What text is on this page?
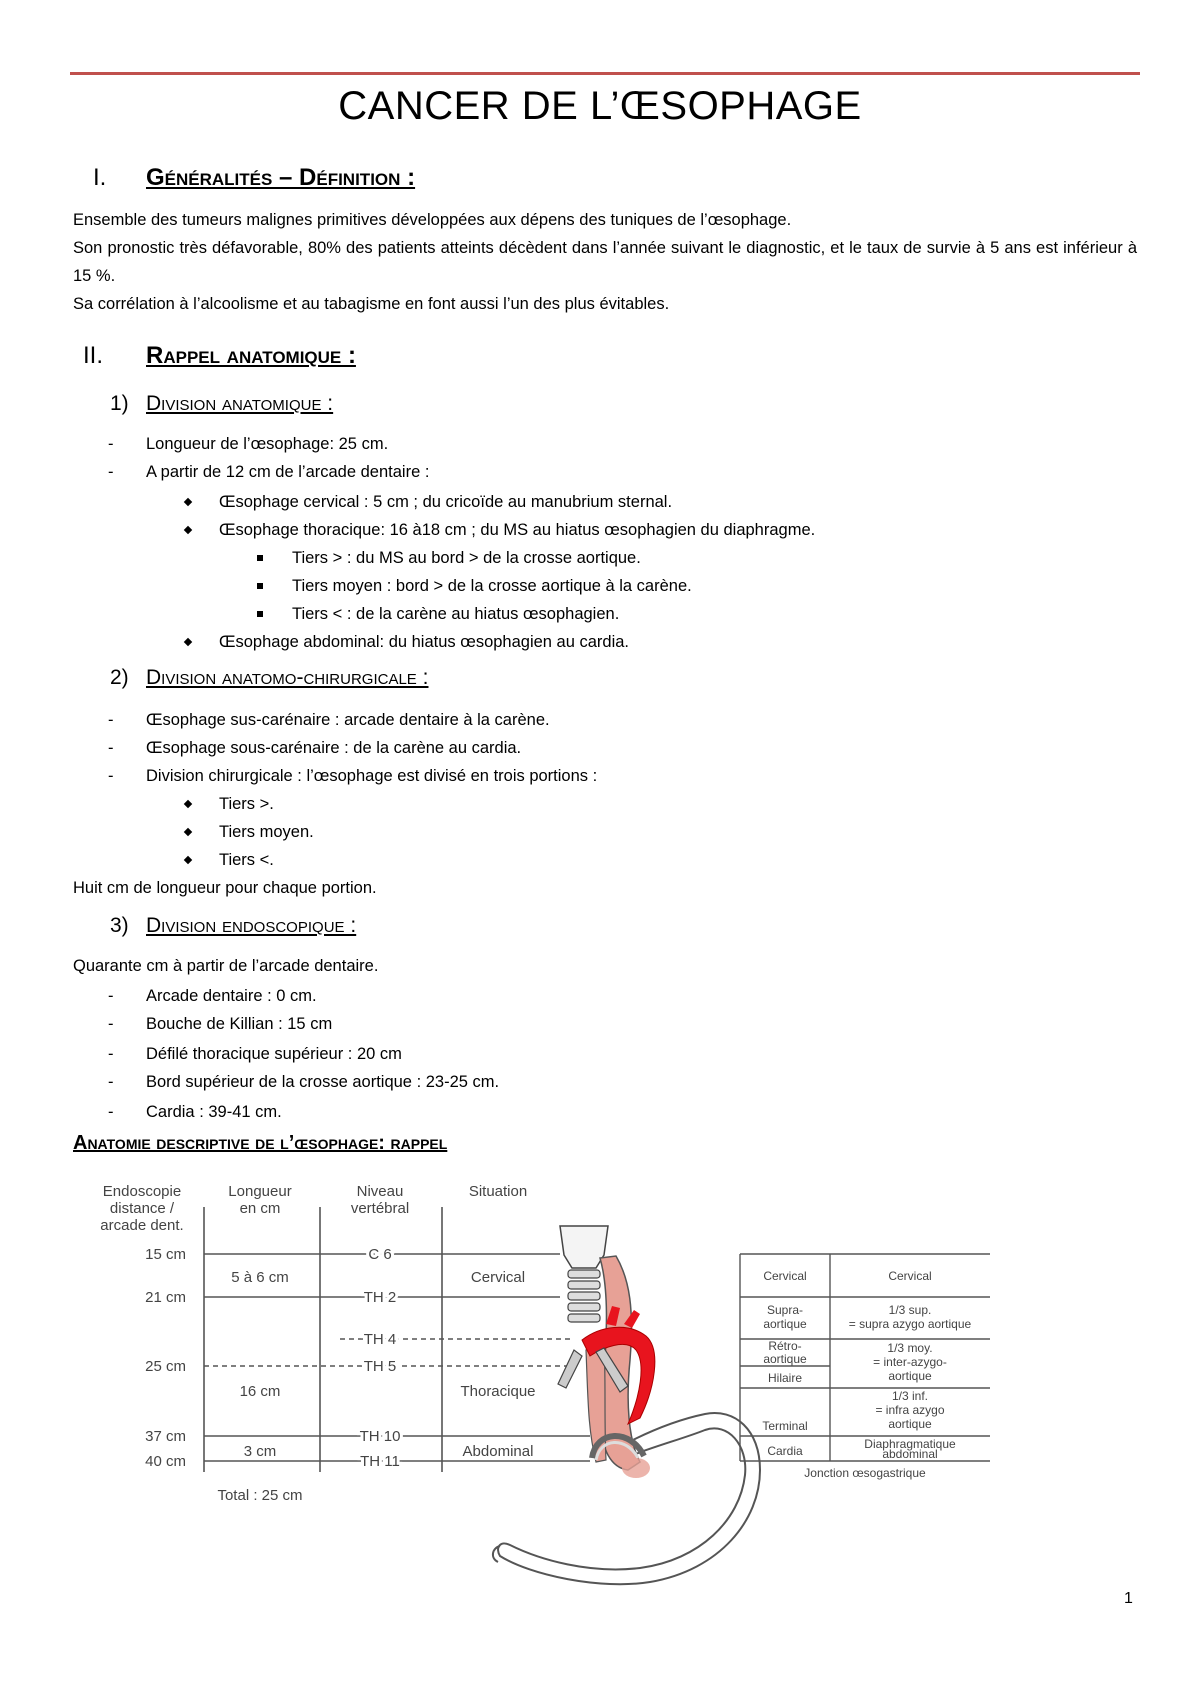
CANCER DE L’ŒSOPHAGE
I. Généralités – Définition :
Ensemble des tumeurs malignes primitives développées aux dépens des tuniques de l’œsophage.
Son pronostic très défavorable, 80% des patients atteints décèdent dans l’année suivant le diagnostic, et le taux de survie à 5 ans est inférieur à 15 %.
Sa corrélation à l’alcoolisme et au tabagisme en font aussi l’un des plus évitables.
II. Rappel anatomique :
1) Division anatomique :
- Longueur de l’œsophage: 25 cm.
- A partir de 12 cm de l’arcade dentaire :
Œsophage cervical : 5 cm ; du cricoïde au manubrium sternal.
Œsophage thoracique: 16 à18 cm ; du MS au hiatus œsophagien du diaphragme.
Tiers > : du MS au bord > de la crosse aortique.
Tiers moyen : bord > de la crosse aortique à la carène.
Tiers < : de la carène au hiatus œsophagien.
Œsophage abdominal: du hiatus œsophagien au cardia.
2) Division anatomo-chirurgicale :
- Œsophage sus-carénaire : arcade dentaire à la carène.
- Œsophage sous-carénaire : de la carène au cardia.
- Division chirurgicale : l’œsophage est divisé en trois portions :
Tiers >.
Tiers moyen.
Tiers <.
Huit cm de longueur pour chaque portion.
3) Division endoscopique :
Quarante cm à partir de l’arcade dentaire.
- Arcade dentaire : 0 cm.
- Bouche de Killian : 15 cm
- Défilé thoracique supérieur : 20 cm
- Bord supérieur de la crosse aortique : 23-25 cm.
- Cardia : 39-41 cm.
Anatomie descriptive de l’œsophage: rappel
Endoscopie
distance /
arcade dent.
Longueur
en cm
Niveau
vertébral
Situation
15 cm
21 cm
25 cm
37 cm
40 cm
5 à 6 cm
16 cm
3 cm
C 6
TH 2
TH 4
TH 5
TH 10
TH 11
Cervical
Thoracique
Abdominal
Total : 25 cm
Cervical
Supra-
aortique
Rétro-
aortique
Hilaire
Terminal
Cardia
Cervical
1/3 sup.
= supra azygo aortique
1/3 moy.
= inter-azygo-
aortique
1/3 inf.
= infra azygo
aortique
Diaphragmatique
abdominal
Jonction œsogastrique
1
